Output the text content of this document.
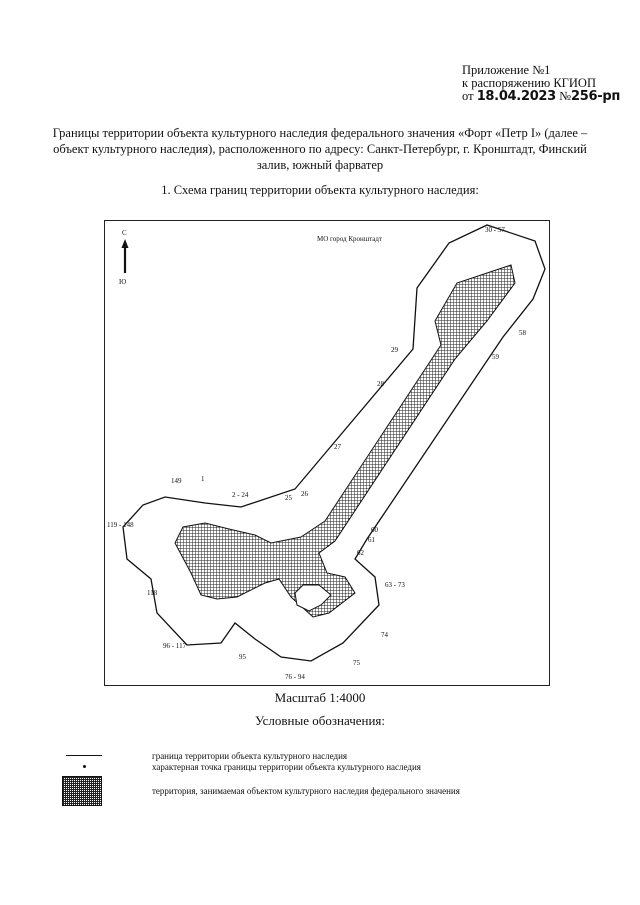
Приложение №1
к распоряжению КГИОП
от 18.04.2023 №256-рп
Границы территории объекта культурного наследия федерального значения «Форт «Петр I» (далее – объект культурного наследия), расположенного по адресу: Санкт-Петербург, г. Кронштадт, Финский залив, южный фарватер
1. Схема границ территории объекта культурного наследия:
С
Ю
МО город Кронштадт
30 - 57
58
59
29
28
27
26
25
2 - 24
1
149
119 - 148
118
96 - 117
95
76 - 94
75
74
63 - 73
62
61
60
Масштаб 1:4000
Условные обозначения:
граница территории объекта культурного наследия
характерная точка границы территории объекта культурного наследия
территория, занимаемая объектом культурного наследия федерального значения
